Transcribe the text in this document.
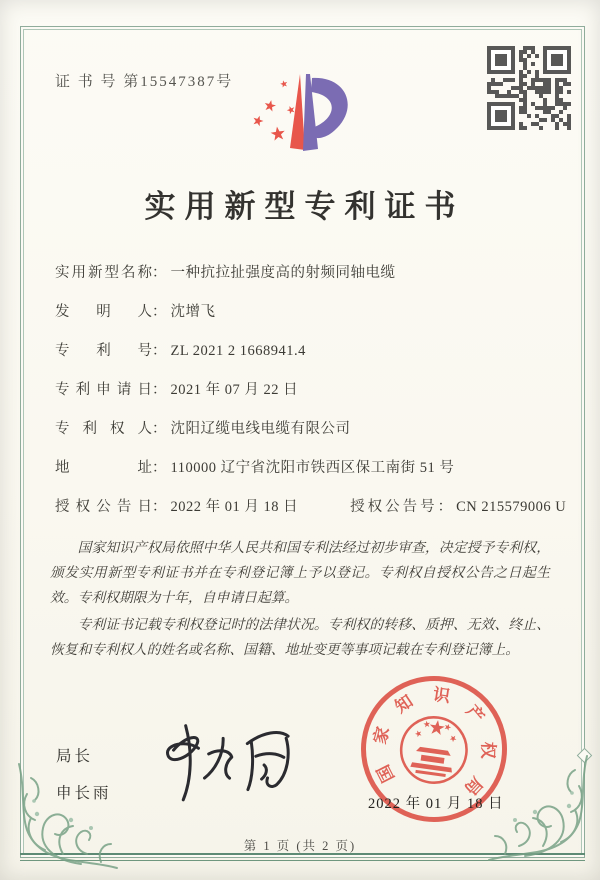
证 书 号 第15547387号
实用新型专利证书
实用新型名称： 一种抗拉扯强度高的射频同轴电缆
发明人： 沈增飞
专利号： ZL 2021 2 1668941.4
专利申请日： 2021 年 07 月 22 日
专利权人： 沈阳辽缆电线电缆有限公司
地址： 110000 辽宁省沈阳市铁西区保工南街 51 号
授权公告日： 2022 年 01 月 18 日	授权公告号： CN 215579006 U

国家知识产权局依照中华人民共和国专利法经过初步审查，决定授予专利权，颁发实用新型专利证书并在专利登记簿上予以登记。专利权自授权公告之日起生效。专利权期限为十年，自申请日起算。

专利证书记载专利权登记时的法律状况。专利权的转移、质押、无效、终止、恢复和专利权人的姓名或名称、国籍、地址变更等事项记载在专利登记簿上。

局长
申长雨
国
家
知 识
产
权
局
2022 年 01 月 18 日
第 1 页 (共 2 页)
